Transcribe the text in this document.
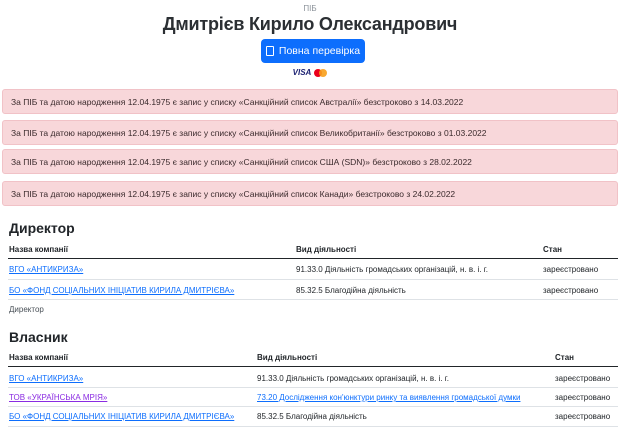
ПІБ
Дмитрієв Кирило Олександрович
Повна перевірка
VISA
За ПІБ та датою народження 12.04.1975 є запис у списку «Санкційний список Австралії» безстроково з 14.03.2022
За ПІБ та датою народження 12.04.1975 є запис у списку «Санкційний список Великобританії» безстроково з 01.03.2022
За ПІБ та датою народження 12.04.1975 є запис у списку «Санкційний список США (SDN)» безстроково з 28.02.2022
За ПІБ та датою народження 12.04.1975 є запис у списку «Санкційний список Канади» безстроково з 24.02.2022
Директор
Назва компанії	Вид діяльності	Стан
ВГО «АНТИКРИЗА»	91.33.0 Діяльність громадських організацій, н. в. і. г.	зареєстровано
БО «ФОНД СОЦІАЛЬНИХ ІНІЦІАТИВ КИРИЛА ДМИТРІЄВА»	85.32.5 Благодійна діяльність	зареєстровано
Директор
Власник
Назва компанії	Вид діяльності	Стан
ВГО «АНТИКРИЗА»	91.33.0 Діяльність громадських організацій, н. в. і. г.	зареєстровано
ТОВ «УКРАЇНСЬКА МРІЯ»	73.20 Дослідження кон'юнктури ринку та виявлення громадської думки	зареєстровано
БО «ФОНД СОЦІАЛЬНИХ ІНІЦІАТИВ КИРИЛА ДМИТРІЄВА»	85.32.5 Благодійна діяльність	зареєстровано
